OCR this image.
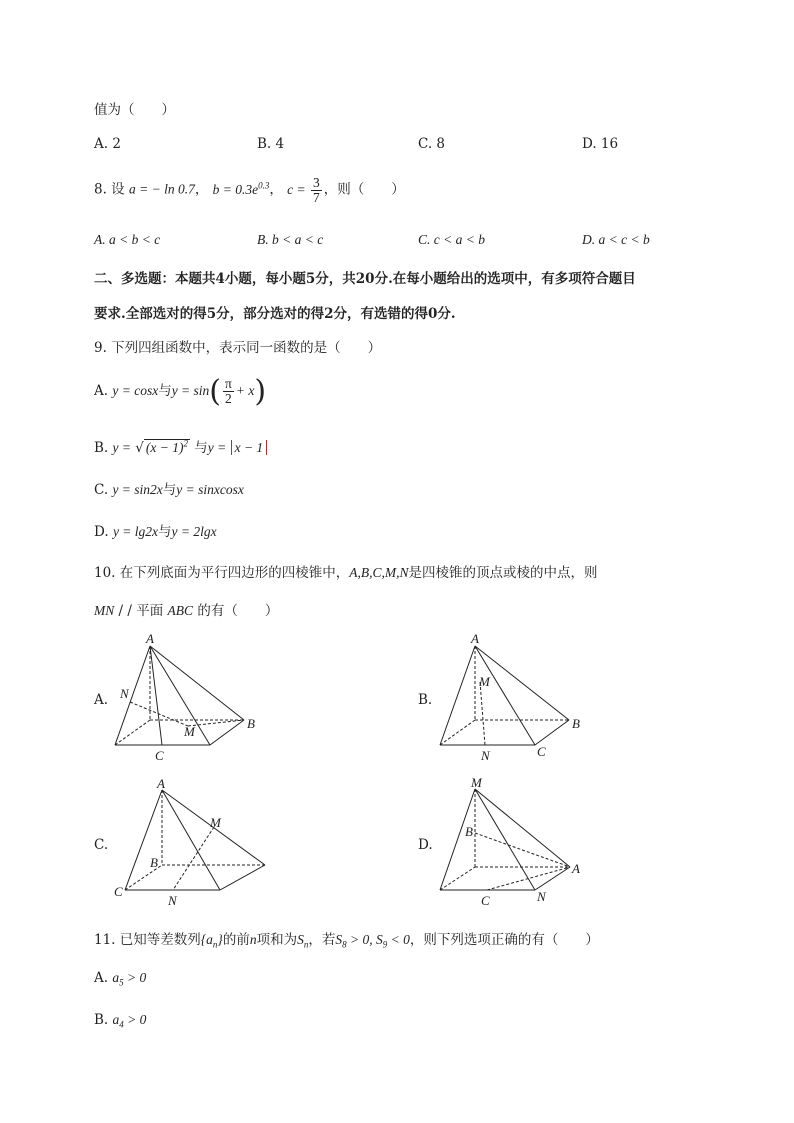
值为（　　）
A. 2	B. 4	C. 8	D. 16
8. 设 a = − ln 0.7， $b = 0.3e^{0.3}$， $c = \frac{3}{7}$ ，则（　　）
A. a < b < c	B. b < a < c	C. c < a < b	D. a < c < b
二、多选题：本题共4小题，每小题5分，共20分.在每小题给出的选项中，有多项符合题目
要求.全部选对的得5分，部分选对的得2分，有选错的得0分.
9. 下列四组函数中，表示同一函数的是（　　）
A. y = cosx与$y = \sin( \frac{\pi}{2} + x)$
B. y = √ $(x - 1)^2$ 与y = x − 1
C. y = sin2x与y = sinxcosx
D. y = lg2x与y = 2lgx
10. 在下列底面为平行四边形的四棱锥中，A,B,C,M,N是四棱锥的顶点或棱的中点，则
MN / / 平面 ABC 的有（　　）
A.	B.
C.	D.
A
N
M
B
C
A
M
B
N	C
A
M
B
C
N
M
B
A
C	N
11. 已知等差数列$\{a_n\}$的前n项和为$S_n$，若$S_8 > 0$, $S_9 < 0$，则下列选项正确的有（　　）
A. $a_5 > 0$
B. $a_4 > 0$
